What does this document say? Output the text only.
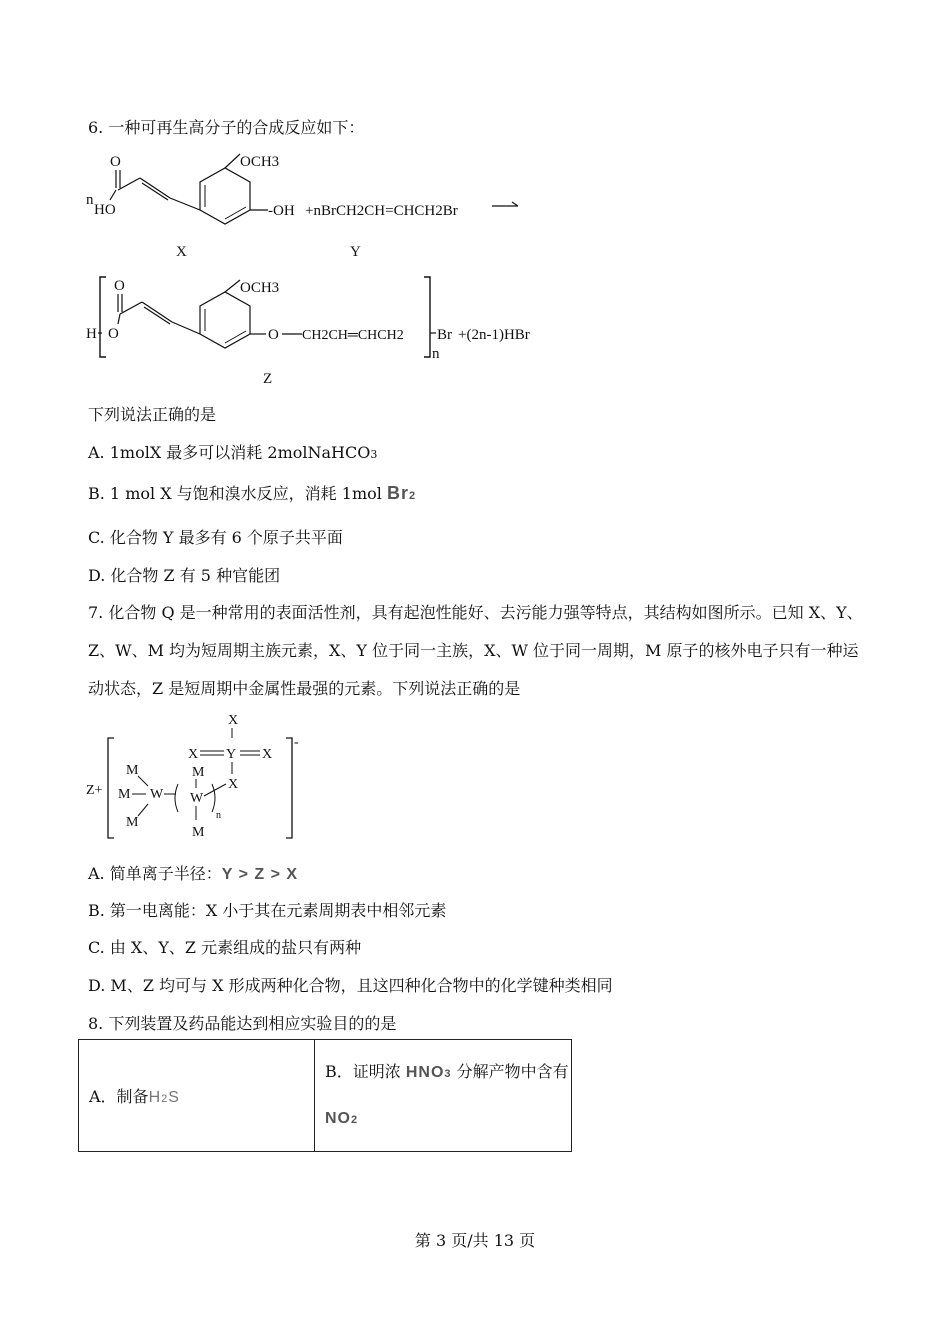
6. 一种可再生高分子的合成反应如下：
n
O
HO
OCH3
-OH +nBrCH2CH=CHCH2Br
X	Y
H O
O	OCH3
O CH2CH═CHCH2 Br +(2n-1)HBr
n
Z
下列说法正确的是
A. 1molX 最多可以消耗 2molNaHCO3
B. 1 mol X 与饱和溴水反应，消耗 1mol Br2
C. 化合物 Y 最多有 6 个原子共平面
D. 化合物 Z 有 5 种官能团
7. 化合物 Q 是一种常用的表面活性剂，具有起泡性能好、去污能力强等特点，其结构如图所示。已知 X、Y、Z、W、M 均为短周期主族元素，X、Y 位于同一主族，X、W 位于同一周期，M 原子的核外电子只有一种运动状态，Z 是短周期中金属性最强的元素。下列说法正确的是
Z+
-
X
X Y X
X
M
M W
M
M
W
M
n
A. 简单离子半径：Y > Z > X
B. 第一电离能：X 小于其在元素周期表中相邻元素
C. 由 X、Y、Z 元素组成的盐只有两种
D. M、Z 均可与 X 形成两种化合物，且这四种化合物中的化学键种类相同
8. 下列装置及药品能达到相应实验目的的是
A．制备H2S	
B．证明浓 HNO3 分解产物中含有
NO2
第 3 页/共 13 页
